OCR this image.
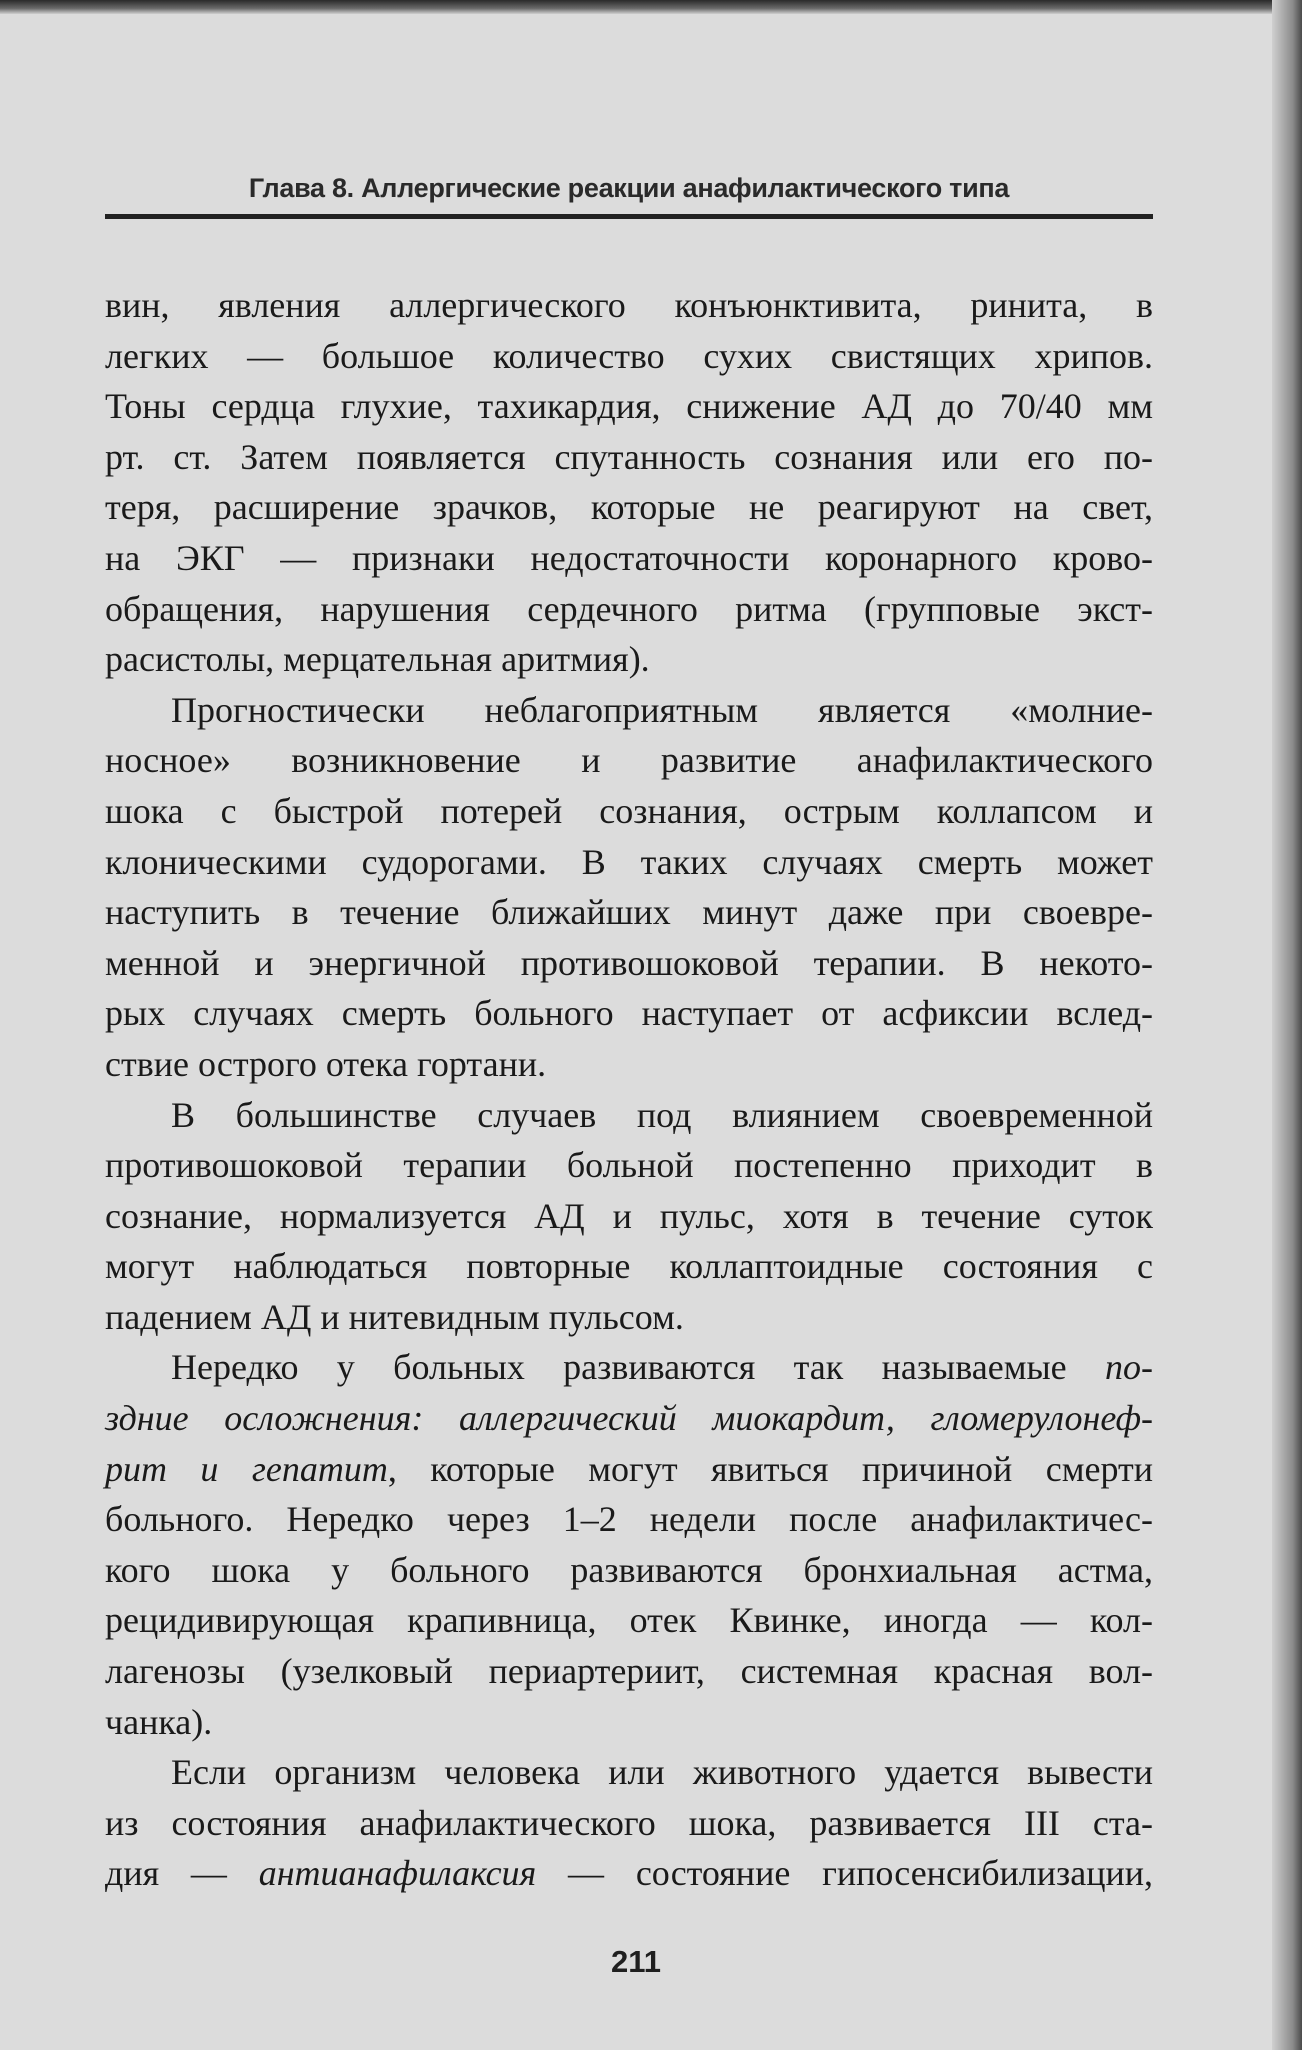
Глава 8. Аллергические реакции анафилактического типа
вин, явления аллергического конъюнктивита, ринита, в
легких — большое количество сухих свистящих хрипов.
Тоны сердца глухие, тахикардия, снижение АД до 70/40 мм
рт. ст. Затем появляется спутанность сознания или его по-
теря, расширение зрачков, которые не реагируют на свет,
на ЭКГ — признаки недостаточности коронарного крово-
обращения, нарушения сердечного ритма (групповые экст-
расистолы, мерцательная аритмия).
Прогностически неблагоприятным является «молние-
носное» возникновение и развитие анафилактического
шока с быстрой потерей сознания, острым коллапсом и
клоническими судорогами. В таких случаях смерть может
наступить в течение ближайших минут даже при своевре-
менной и энергичной противошоковой терапии. В некото-
рых случаях смерть больного наступает от асфиксии вслед-
ствие острого отека гортани.
В большинстве случаев под влиянием своевременной
противошоковой терапии больной постепенно приходит в
сознание, нормализуется АД и пульс, хотя в течение суток
могут наблюдаться повторные коллаптоидные состояния с
падением АД и нитевидным пульсом.
Нередко у больных развиваются так называемые по-
здние осложнения: аллергический миокардит, гломерулонеф-
рит и гепатит, которые могут явиться причиной смерти
больного. Нередко через 1–2 недели после анафилактичес-
кого шока у больного развиваются бронхиальная астма,
рецидивирующая крапивница, отек Квинке, иногда — кол-
лагенозы (узелковый периартериит, системная красная вол-
чанка).
Если организм человека или животного удается вывести
из состояния анафилактического шока, развивается III ста-
дия — антианафилаксия — состояние гипосенсибилизации,
211
